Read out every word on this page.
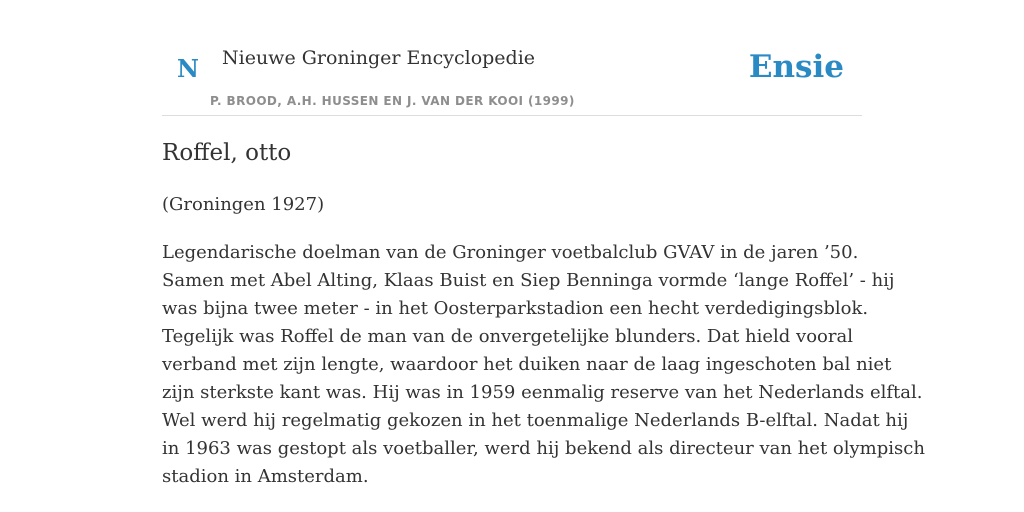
N Nieuwe Groninger Encyclopedie
P. BROOD, A.H. HUSSEN EN J. VAN DER KOOI (1999)
Ensie
Roffel, otto
(Groningen 1927)
Legendarische doelman van de Groninger voetbalclub GVAV in de jaren ’50.
Samen met Abel Alting, Klaas Buist en Siep Benninga vormde ‘lange Roffel’ - hij
was bijna twee meter - in het Oosterparkstadion een hecht verdedigingsblok.
Tegelijk was Roffel de man van de onvergetelijke blunders. Dat hield vooral
verband met zijn lengte, waardoor het duiken naar de laag ingeschoten bal niet
zijn sterkste kant was. Hij was in 1959 eenmalig reserve van het Nederlands elftal.
Wel werd hij regelmatig gekozen in het toenmalige Nederlands B-elftal. Nadat hij
in 1963 was gestopt als voetballer, werd hij bekend als directeur van het olympisch
stadion in Amsterdam.
